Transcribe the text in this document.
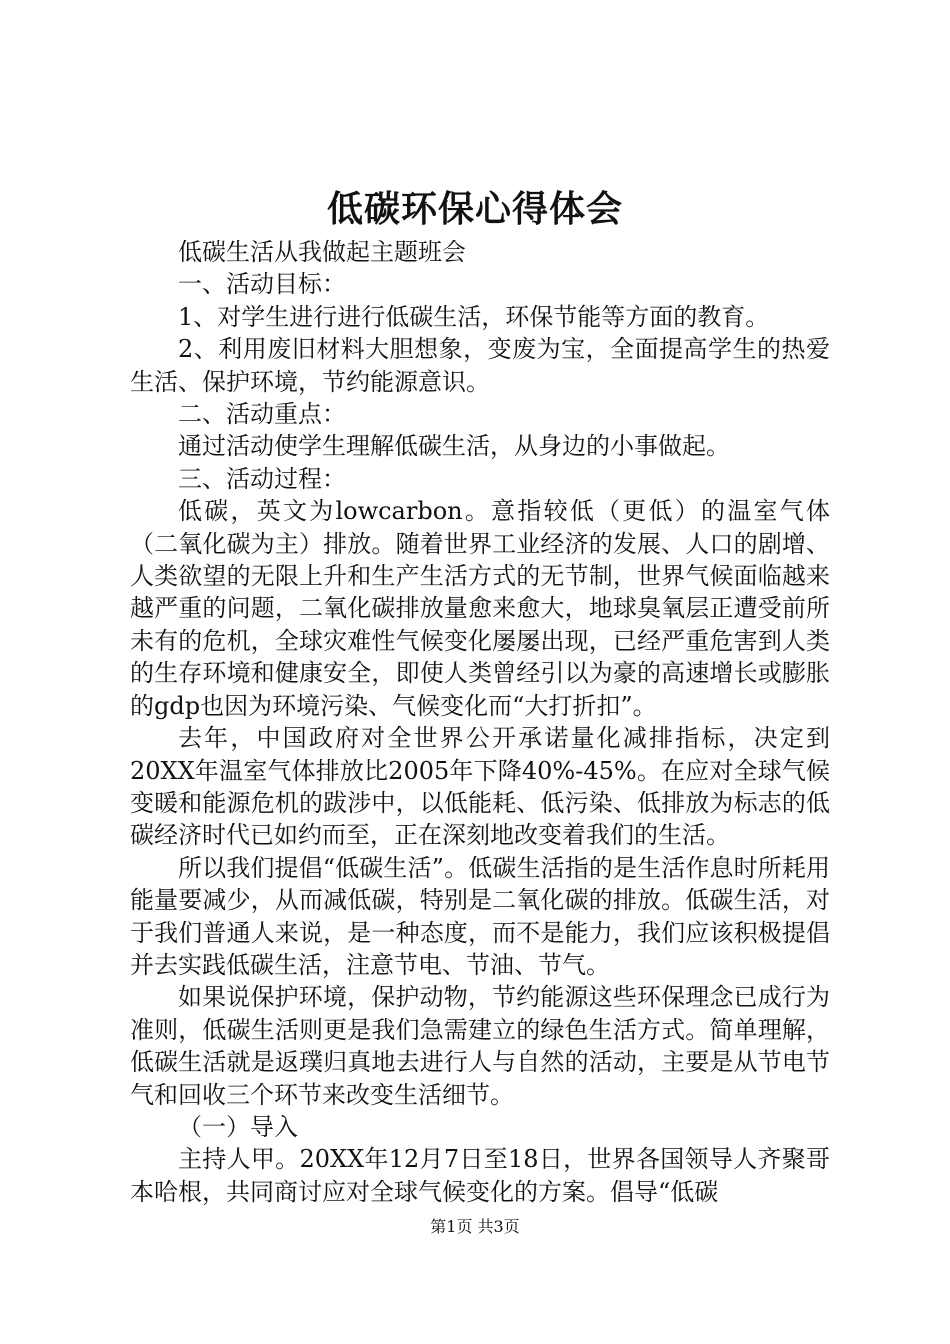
低碳环保心得体会

低碳生活从我做起主题班会

一、活动目标：

1、对学生进行进行低碳生活，环保节能等方面的教育。

2、利用废旧材料大胆想象，变废为宝，全面提高学生的热爱生活、保护环境，节约能源意识。

二、活动重点：

通过活动使学生理解低碳生活，从身边的小事做起。

三、活动过程：

低碳，英文为lowcarbon。意指较低（更低）的温室气体（二氧化碳为主）排放。随着世界工业经济的发展、人口的剧增、人类欲望的无限上升和生产生活方式的无节制，世界气候面临越来越严重的问题，二氧化碳排放量愈来愈大，地球臭氧层正遭受前所未有的危机，全球灾难性气候变化屡屡出现，已经严重危害到人类的生存环境和健康安全，即使人类曾经引以为豪的高速增长或膨胀的gdp也因为环境污染、气候变化而“大打折扣”。

去年，中国政府对全世界公开承诺量化减排指标，决定到20XX年温室气体排放比2005年下降40%-45%。在应对全球气候变暖和能源危机的跋涉中，以低能耗、低污染、低排放为标志的低碳经济时代已如约而至，正在深刻地改变着我们的生活。

所以我们提倡“低碳生活”。低碳生活指的是生活作息时所耗用能量要减少，从而减低碳，特别是二氧化碳的排放。低碳生活，对于我们普通人来说，是一种态度，而不是能力，我们应该积极提倡并去实践低碳生活，注意节电、节油、节气。

如果说保护环境，保护动物，节约能源这些环保理念已成行为准则，低碳生活则更是我们急需建立的绿色生活方式。简单理解，低碳生活就是返璞归真地去进行人与自然的活动，主要是从节电节气和回收三个环节来改变生活细节。

（一）导入

主持人甲。20XX年12月7日至18日，世界各国领导人齐聚哥本哈根，共同商讨应对全球气候变化的方案。倡导“低碳

第1页 共3页
